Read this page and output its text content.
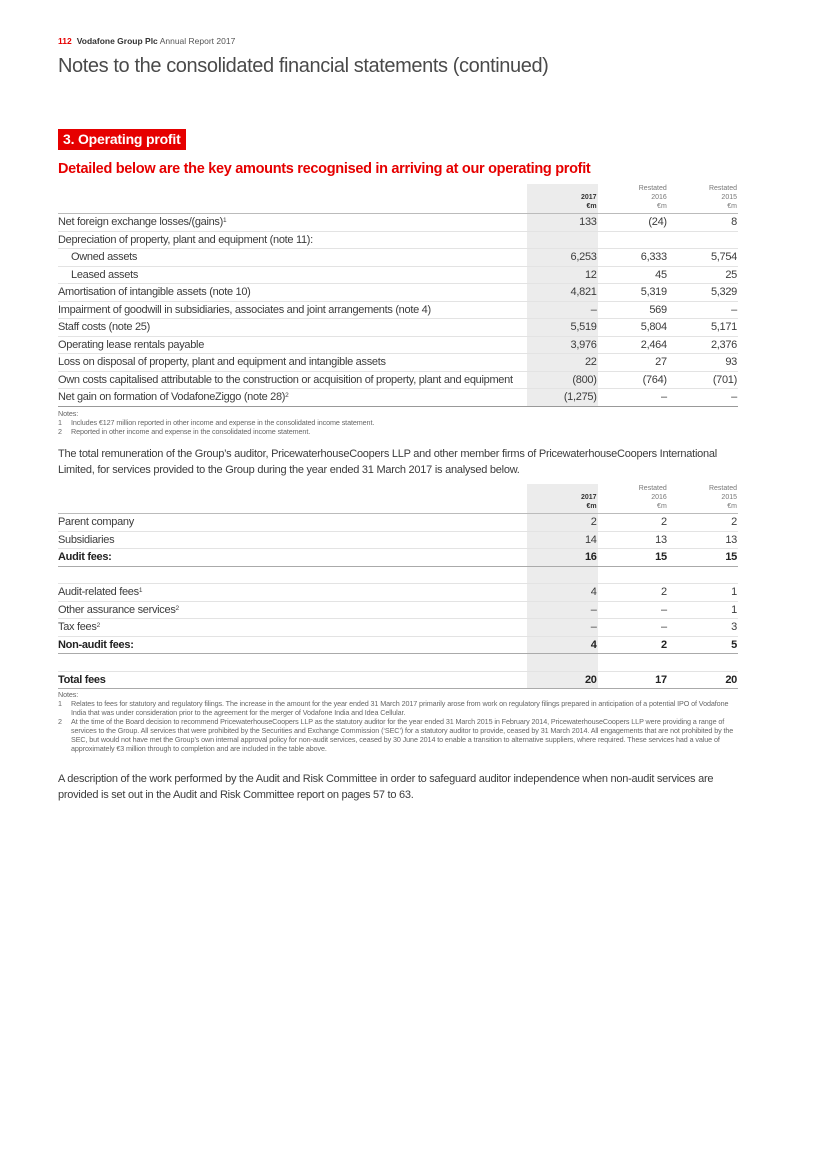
112 Vodafone Group Plc Annual Report 2017
Notes to the consolidated financial statements (continued)
3. Operating profit
Detailed below are the key amounts recognised in arriving at our operating profit
		Restated	Restated
	2017	2016	2015
	€m	€m	€m
Net foreign exchange losses/(gains)$^1$	133	(24)	8
Depreciation of property, plant and equipment (note 11):			
Owned assets	6,253	6,333	5,754
Leased assets	12	45	25
Amortisation of intangible assets (note 10)	4,821	5,319	5,329
Impairment of goodwill in subsidiaries, associates and joint arrangements (note 4)	–	569	–
Staff costs (note 25)	5,519	5,804	5,171
Operating lease rentals payable	3,976	2,464	2,376
Loss on disposal of property, plant and equipment and intangible assets	22	27	93
Own costs capitalised attributable to the construction or acquisition of property, plant and equipment	(800)	(764)	(701)
Net gain on formation of VodafoneZiggo (note 28)$^2$	(1,275)	–	–
Notes:
1	Includes €127 million reported in other income and expense in the consolidated income statement.
2	Reported in other income and expense in the consolidated income statement.
The total remuneration of the Group’s auditor, PricewaterhouseCoopers LLP and other member firms of PricewaterhouseCoopers International Limited, for services provided to the Group during the year ended 31 March 2017 is analysed below.
		Restated	Restated
	2017	2016	2015
	€m	€m	€m
Parent company	2	2	2
Subsidiaries	14	13	13
Audit fees:	16	15	15

Audit-related fees$^1$	4	2	1
Other assurance services$^2$	–	–	1
Tax fees$^2$	–	–	3
Non-audit fees:	4	2	5

Total fees	20	17	20
Notes:
1	Relates to fees for statutory and regulatory filings. The increase in the amount for the year ended 31 March 2017 primarily arose from work on regulatory filings prepared in anticipation of a potential IPO of Vodafone India that was under consideration prior to the agreement for the merger of Vodafone India and Idea Cellular.
2	At the time of the Board decision to recommend PricewaterhouseCoopers LLP as the statutory auditor for the year ended 31 March 2015 in February 2014, PricewaterhouseCoopers LLP were providing a range of services to the Group. All services that were prohibited by the Securities and Exchange Commission (‘SEC’) for a statutory auditor to provide, ceased by 31 March 2014. All engagements that are not prohibited by the SEC, but would not have met the Group’s own internal approval policy for non-audit services, ceased by 30 June 2014 to enable a transition to alternative suppliers, where required. These services had a value of approximately €3 million through to completion and are included in the table above.
A description of the work performed by the Audit and Risk Committee in order to safeguard auditor independence when non-audit services are provided is set out in the Audit and Risk Committee report on pages 57 to 63.
